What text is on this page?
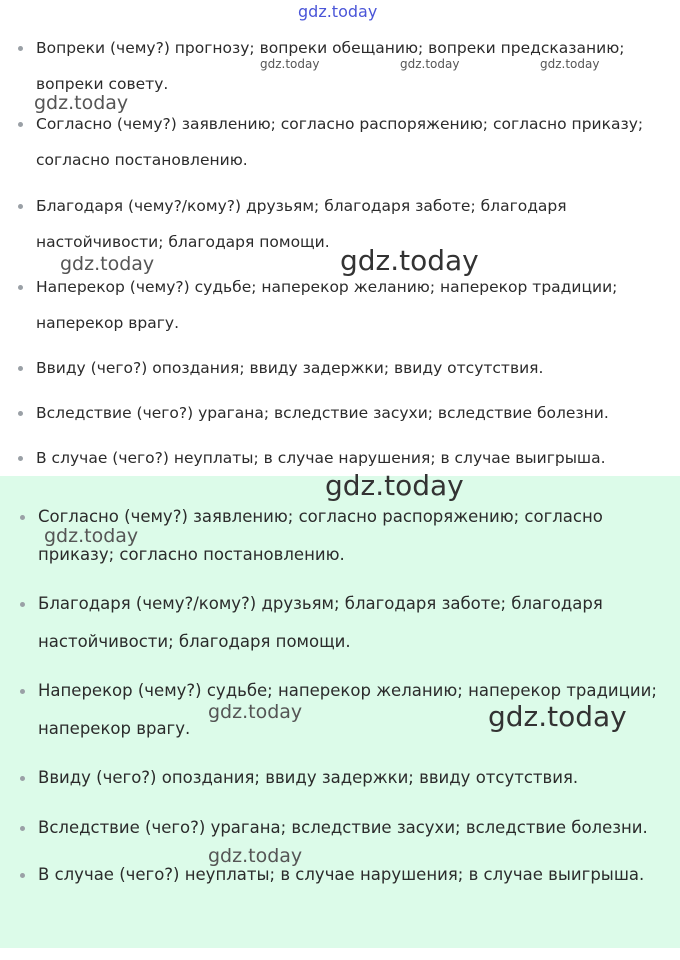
Вопреки (чему?) прогнозу; вопреки обещанию; вопреки предсказанию; вопреки совету.
Согласно (чему?) заявлению; согласно распоряжению; согласно приказу; согласно постановлению.
Благодаря (чему?/кому?) друзьям; благодаря заботе; благодаря настойчивости; благодаря помощи.
Наперекор (чему?) судьбе; наперекор желанию; наперекор традиции; наперекор врагу.
Ввиду (чего?) опоздания; ввиду задержки; ввиду отсутствия.
Вследствие (чего?) урагана; вследствие засухи; вследствие болезни.
В случае (чего?) неуплаты; в случае нарушения; в случае выигрыша.
Согласно (чему?) заявлению; согласно распоряжению; согласно приказу; согласно постановлению.
Благодаря (чему?/кому?) друзьям; благодаря заботе; благодаря настойчивости; благодаря помощи.
Наперекор (чему?) судьбе; наперекор желанию; наперекор традиции; наперекор врагу.
Ввиду (чего?) опоздания; ввиду задержки; ввиду отсутствия.
Вследствие (чего?) урагана; вследствие засухи; вследствие болезни.
В случае (чего?) неуплаты; в случае нарушения; в случае выигрыша.
gdz.today
gdz.today	gdz.today	gdz.today
gdz.today
gdz.today	gdz.today
gdz.today
gdz.today
gdz.today	gdz.today
gdz.today
